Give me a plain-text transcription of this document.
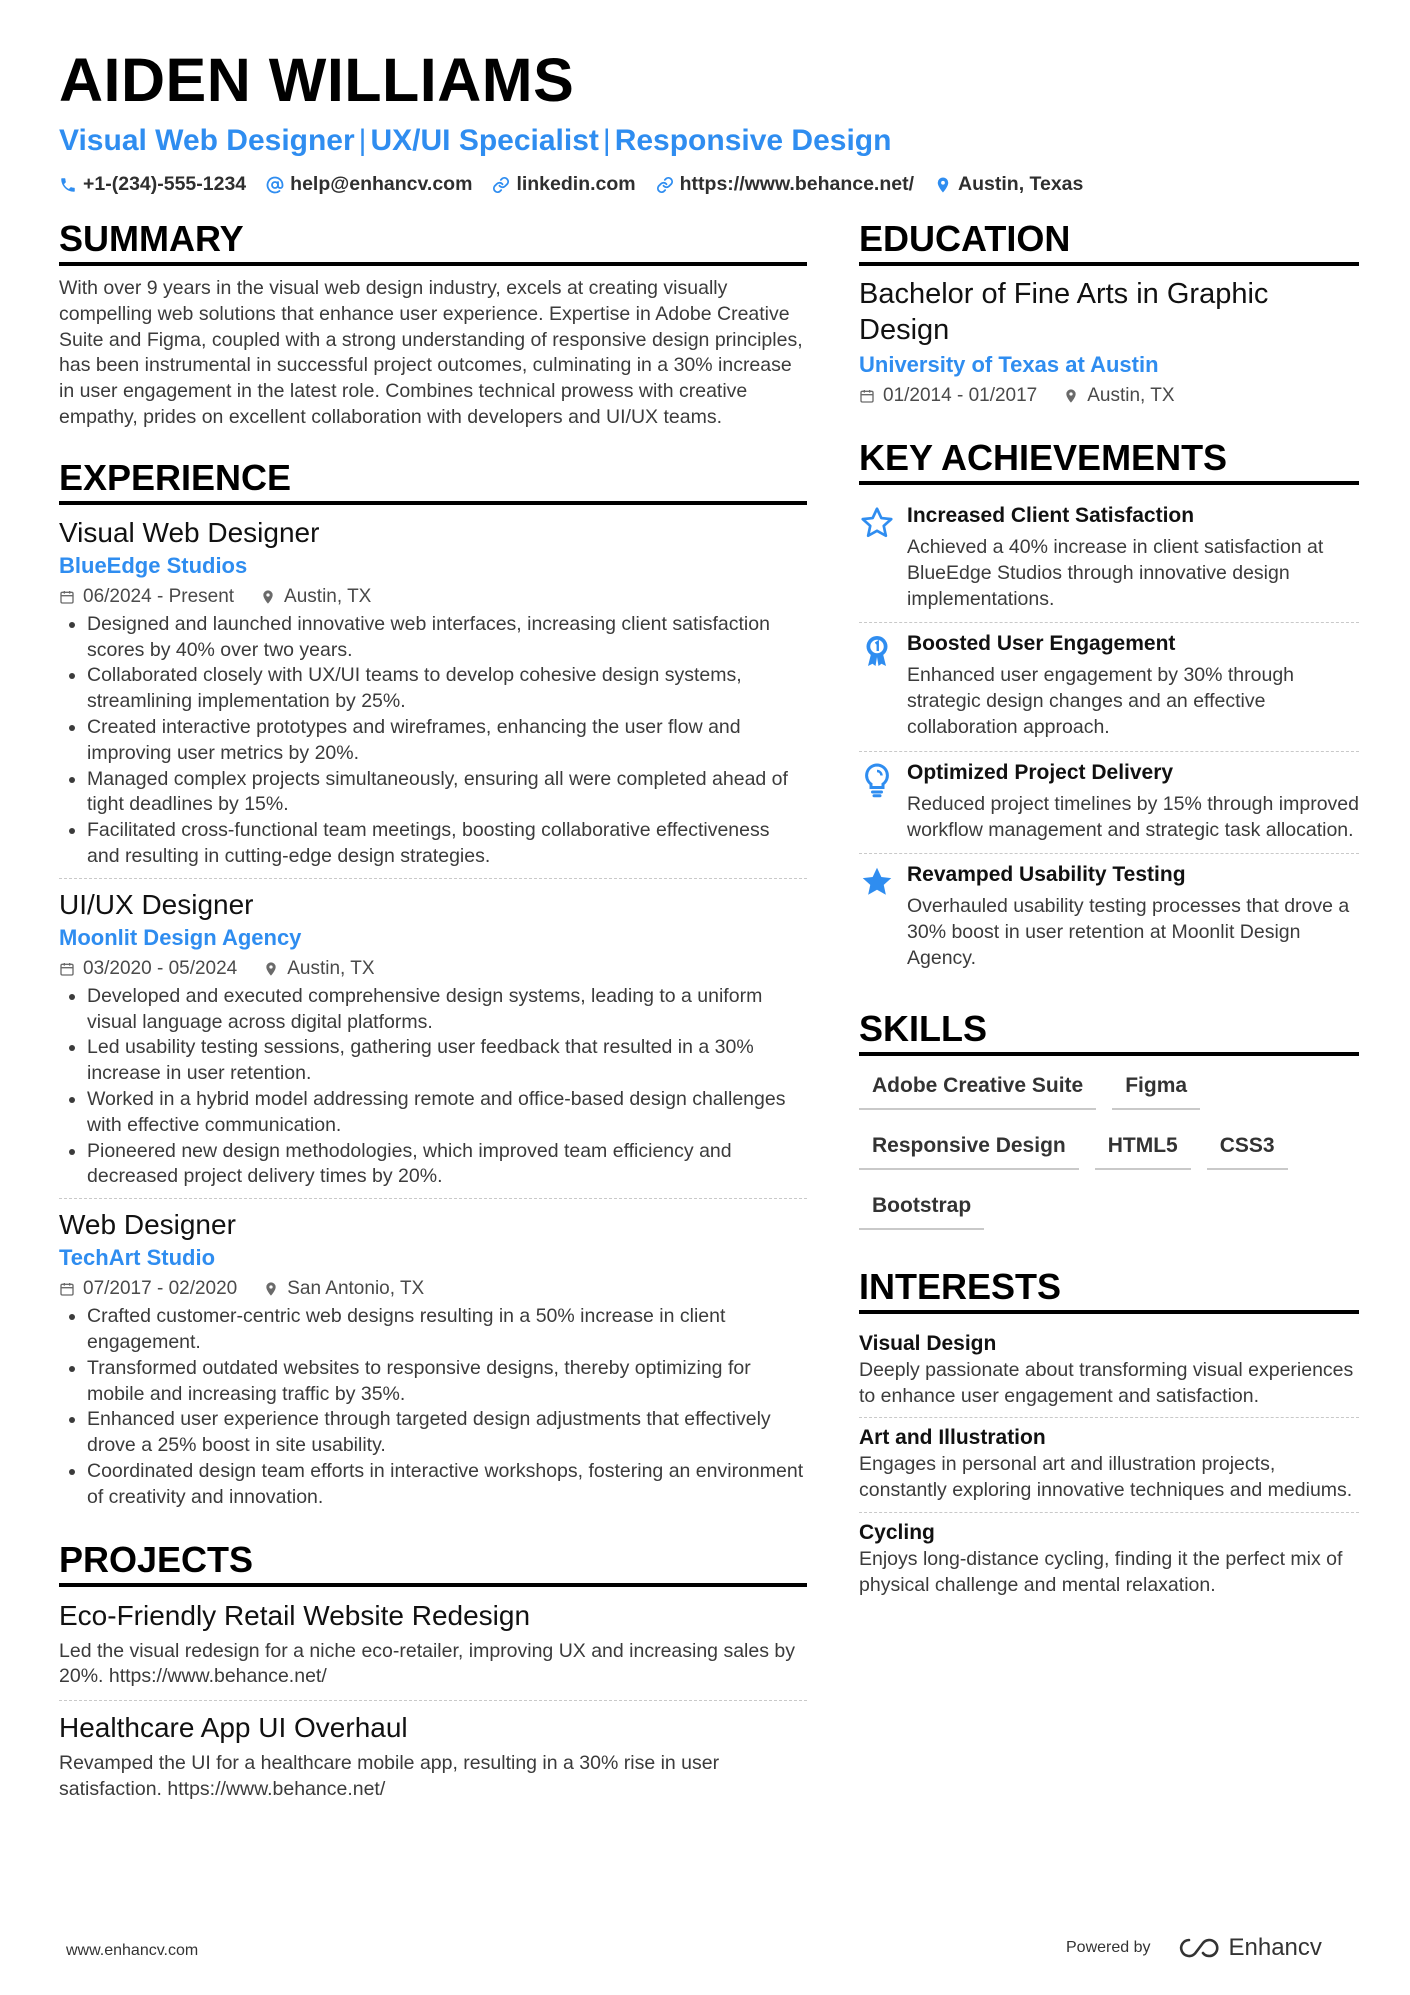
AIDEN WILLIAMS
Visual Web Designer | UX/UI Specialist | Responsive Design
+1-(234)-555-1234 help@enhancv.com linkedin.com https://www.behance.net/ Austin, Texas
SUMMARY
With over 9 years in the visual web design industry, excels at creating visually compelling web solutions that enhance user experience. Expertise in Adobe Creative Suite and Figma, coupled with a strong understanding of responsive design principles, has been instrumental in successful project outcomes, culminating in a 30% increase in user engagement in the latest role. Combines technical prowess with creative empathy, prides on excellent collaboration with developers and UI/UX teams.
EXPERIENCE
Visual Web Designer
BlueEdge Studios
06/2024 - Present	Austin, TX
• Designed and launched innovative web interfaces, increasing client satisfaction scores by 40% over two years.
• Collaborated closely with UX/UI teams to develop cohesive design systems, streamlining implementation by 25%.
• Created interactive prototypes and wireframes, enhancing the user flow and improving user metrics by 20%.
• Managed complex projects simultaneously, ensuring all were completed ahead of tight deadlines by 15%.
• Facilitated cross-functional team meetings, boosting collaborative effectiveness and resulting in cutting-edge design strategies.
UI/UX Designer
Moonlit Design Agency
03/2020 - 05/2024	Austin, TX
• Developed and executed comprehensive design systems, leading to a uniform visual language across digital platforms.
• Led usability testing sessions, gathering user feedback that resulted in a 30% increase in user retention.
• Worked in a hybrid model addressing remote and office-based design challenges with effective communication.
• Pioneered new design methodologies, which improved team efficiency and decreased project delivery times by 20%.
Web Designer
TechArt Studio
07/2017 - 02/2020	San Antonio, TX
• Crafted customer-centric web designs resulting in a 50% increase in client engagement.
• Transformed outdated websites to responsive designs, thereby optimizing for mobile and increasing traffic by 35%.
• Enhanced user experience through targeted design adjustments that effectively drove a 25% boost in site usability.
• Coordinated design team efforts in interactive workshops, fostering an environment of creativity and innovation.
PROJECTS
Eco-Friendly Retail Website Redesign
Led the visual redesign for a niche eco-retailer, improving UX and increasing sales by 20%. https://www.behance.net/
Healthcare App UI Overhaul
Revamped the UI for a healthcare mobile app, resulting in a 30% rise in user satisfaction. https://www.behance.net/
EDUCATION
Bachelor of Fine Arts in Graphic Design
University of Texas at Austin
01/2014 - 01/2017	Austin, TX
KEY ACHIEVEMENTS
Increased Client Satisfaction
Achieved a 40% increase in client satisfaction at BlueEdge Studios through innovative design implementations.
Boosted User Engagement
Enhanced user engagement by 30% through strategic design changes and an effective collaboration approach.
Optimized Project Delivery
Reduced project timelines by 15% through improved workflow management and strategic task allocation.
Revamped Usability Testing
Overhauled usability testing processes that drove a 30% boost in user retention at Moonlit Design Agency.
SKILLS
Adobe Creative Suite	Figma
Responsive Design	HTML5	CSS3
Bootstrap
INTERESTS
Visual Design
Deeply passionate about transforming visual experiences to enhance user engagement and satisfaction.
Art and Illustration
Engages in personal art and illustration projects, constantly exploring innovative techniques and mediums.
Cycling
Enjoys long-distance cycling, finding it the perfect mix of physical challenge and mental relaxation.
www.enhancv.com	Powered by	Enhancv
